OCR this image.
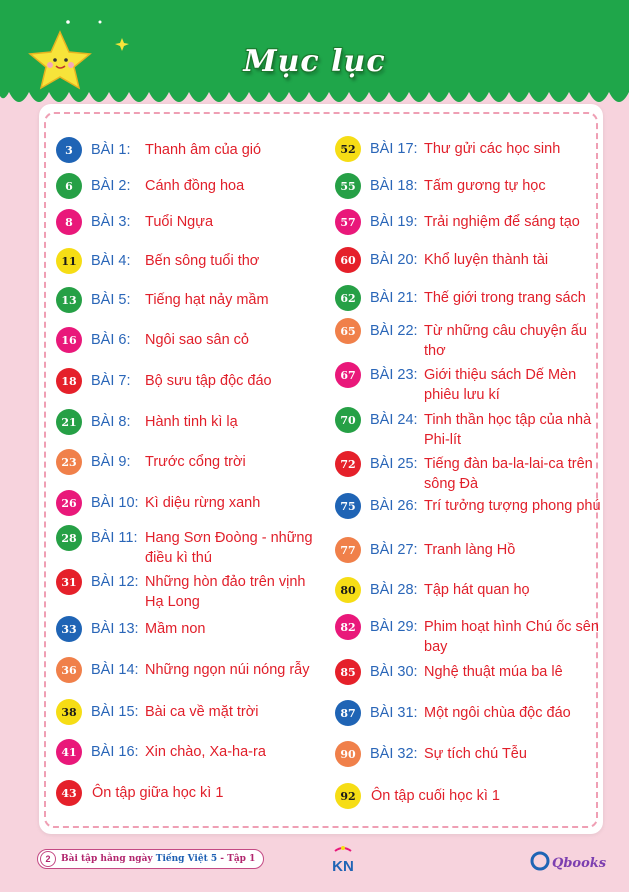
Mục lục
3	BÀI 1:	Thanh âm của gió
6	BÀI 2:	Cánh đồng hoa
8	BÀI 3:	Tuổi Ngựa
11 BÀI 4:	Bến sông tuổi thơ
13 BÀI 5:	Tiếng hạt nảy mầm
16 BÀI 6:	Ngôi sao sân cỏ
18 BÀI 7:	Bộ sưu tập độc đáo
21 BÀI 8:	Hành tinh kì lạ
23 BÀI 9:	Trước cổng trời
26 BÀI 10: Kì diệu rừng xanh
28 BÀI 11: Hang Sơn Đoòng - những điều kì thú
31 BÀI 12: Những hòn đảo trên vịnh Hạ Long
33 BÀI 13: Mầm non
36 BÀI 14: Những ngọn núi nóng rẫy
38 BÀI 15: Bài ca về mặt trời
41 BÀI 16: Xin chào, Xa-ha-ra
43	Ôn tập giữa học kì 1
52 BÀI 17: Thư gửi các học sinh
55 BÀI 18: Tấm gương tự học
57 BÀI 19: Trải nghiệm để sáng tạo
60 BÀI 20: Khổ luyện thành tài
62 BÀI 21: Thế giới trong trang sách
65 BÀI 22: Từ những câu chuyện ấu thơ
67 BÀI 23: Giới thiệu sách Dế Mèn phiêu lưu kí
70 BÀI 24: Tinh thần học tập của nhà Phi-lít
72 BÀI 25: Tiếng đàn ba-la-lai-ca trên sông Đà
75 BÀI 26: Trí tưởng tượng phong phú
77 BÀI 27: Tranh làng Hồ
80 BÀI 28: Tập hát quan họ
82 BÀI 29: Phim hoạt hình Chú ốc sên bay
85 BÀI 30: Nghệ thuật múa ba lê
87 BÀI 31: Một ngôi chùa độc đáo
90 BÀI 32: Sự tích chú Tễu
92	Ôn tập cuối học kì 1
2	Bài tập hằng ngày Tiếng Việt 5 - Tập 1	KN	Qbooks
